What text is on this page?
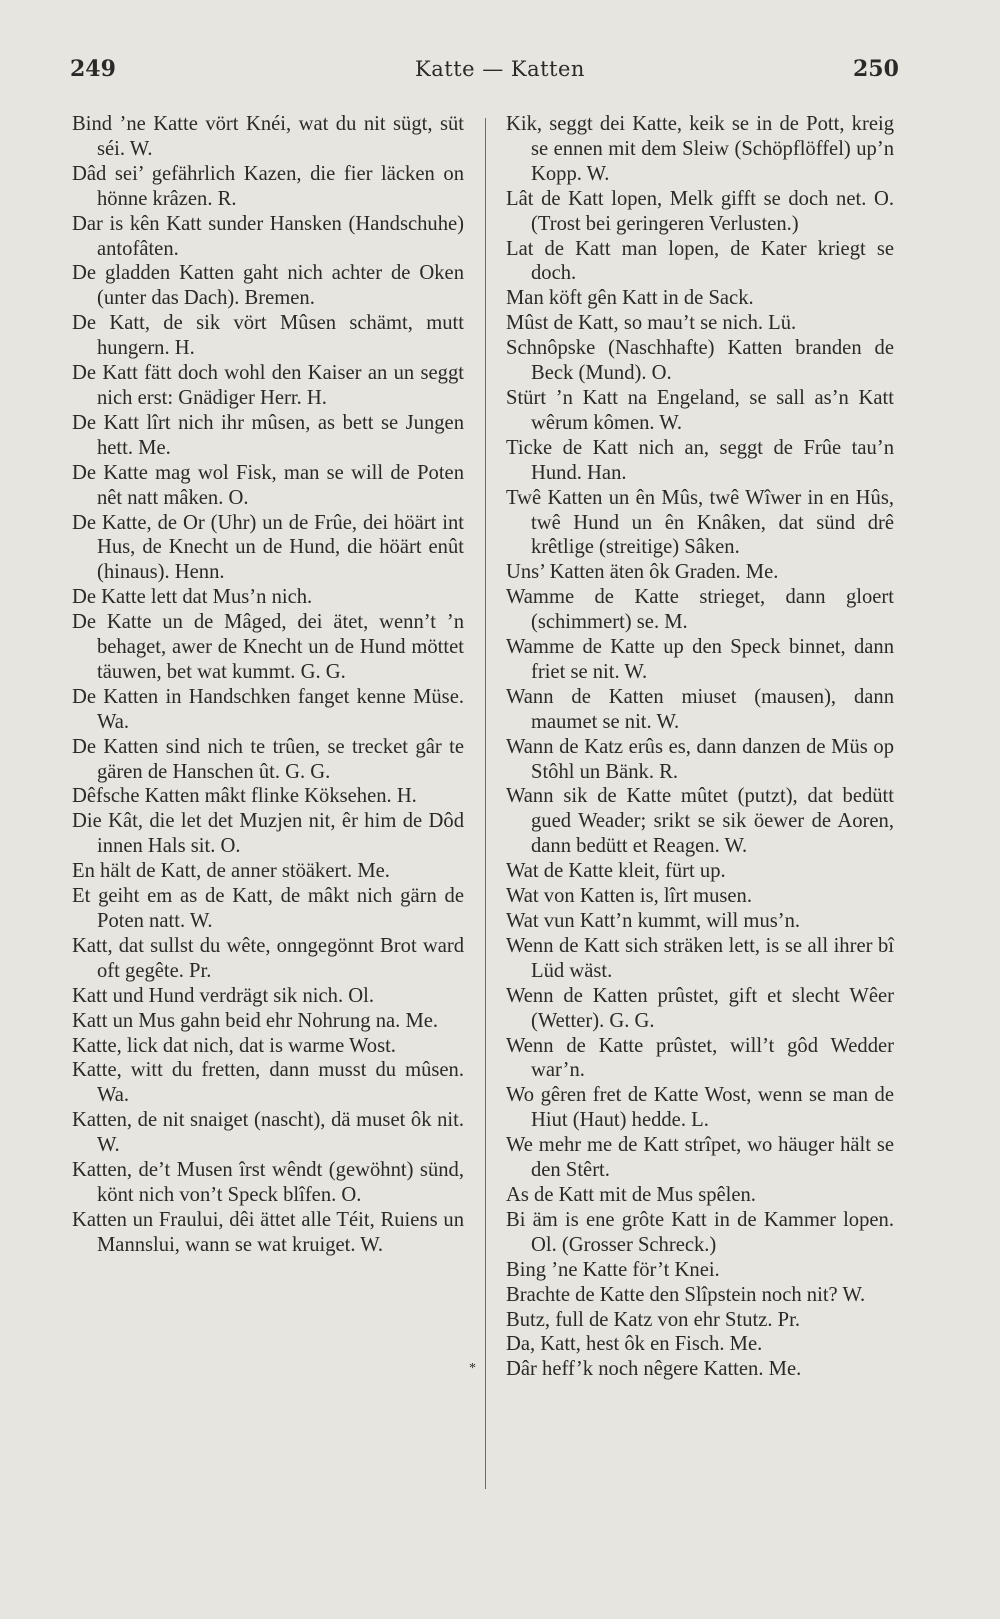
249	Katte — Katten	250

Bind ’ne Katte vört Knéi, wat du nit sügt, süt séi. W.

Dâd sei’ gefährlich Kazen, die fier läcken on hönne krâzen. R.

Dar is kên Katt sunder Hansken (Handschuhe) antofâten.

De gladden Katten gaht nich achter de Oken (unter das Dach). Bremen.

De Katt, de sik vört Mûsen schämt, mutt hungern. H.

De Katt fätt doch wohl den Kaiser an un seggt nich erst: Gnädiger Herr. H.

De Katt lîrt nich ihr mûsen, as bett se Jungen hett. Me.

De Katte mag wol Fisk, man se will de Poten nêt natt mâken. O.

De Katte, de Or (Uhr) un de Frûe, dei höärt int Hus, de Knecht un de Hund, die höärt enût (hinaus). Henn.

De Katte lett dat Mus’n nich.

De Katte un de Mâged, dei ätet, wenn’t ’n behaget, awer de Knecht un de Hund möttet täuwen, bet wat kummt. G. G.

De Katten in Handschken fanget kenne Müse. Wa.

De Katten sind nich te trûen, se trecket gâr te gären de Hanschen ût. G. G.

Dêfsche Katten mâkt flinke Köksehen. H.

Die Kât, die let det Muzjen nit, êr him de Dôd innen Hals sit. O.

En hält de Katt, de anner stöäkert. Me.

Et geiht em as de Katt, de mâkt nich gärn de Poten natt. W.

Katt, dat sullst du wête, onngegönnt Brot ward oft gegête. Pr.

Katt und Hund verdrägt sik nich. Ol.

Katt un Mus gahn beid ehr Nohrung na. Me.

Katte, lick dat nich, dat is warme Wost.

Katte, witt du fretten, dann musst du mûsen. Wa.

Katten, de nit snaiget (nascht), dä muset ôk nit. W.

Katten, de’t Musen îrst wêndt (gewöhnt) sünd, könt nich von’t Speck blîfen. O.

Katten un Fraului, dêi ättet alle Téit, Ruiens un Mannslui, wann se wat kruiget. W.

Kik, seggt dei Katte, keik se in de Pott, kreig se ennen mit dem Sleiw (Schöpflöffel) up’n Kopp. W.

Lât de Katt lopen, Melk gifft se doch net. O. (Trost bei geringeren Verlusten.)

Lat de Katt man lopen, de Kater kriegt se doch.

Man köft gên Katt in de Sack.

Mûst de Katt, so mau’t se nich. Lü.

Schnôpske (Naschhafte) Katten branden de Beck (Mund). O.

Stürt ’n Katt na Engeland, se sall as’n Katt wêrum kômen. W.

Ticke de Katt nich an, seggt de Frûe tau’n Hund. Han.

Twê Katten un ên Mûs, twê Wîwer in en Hûs, twê Hund un ên Knâken, dat sünd drê krêtlige (streitige) Sâken.

Uns’ Katten äten ôk Graden. Me.

Wamme de Katte strieget, dann gloert (schimmert) se. M.

Wamme de Katte up den Speck binnet, dann friet se nit. W.

Wann de Katten miuset (mausen), dann maumet se nit. W.

Wann de Katz erûs es, dann danzen de Müs op Stôhl un Bänk. R.

Wann sik de Katte mûtet (putzt), dat bedütt gued Weader; srikt se sik öewer de Aoren, dann bedütt et Reagen. W.

Wat de Katte kleit, fürt up.

Wat von Katten is, lîrt musen.

Wat vun Katt’n kummt, will mus’n.

Wenn de Katt sich sträken lett, is se all ihrer bî Lüd wäst.

Wenn de Katten prûstet, gift et slecht Wêer (Wetter). G. G.

Wenn de Katte prûstet, will’t gôd Wedder war’n.

Wo gêren fret de Katte Wost, wenn se man de Hiut (Haut) hedde. L.

We mehr me de Katt strîpet, wo häuger hält se den Stêrt.

As de Katt mit de Mus spêlen.

Bi äm is ene grôte Katt in de Kammer lopen. Ol. (Grosser Schreck.)

Bing ’ne Katte för’t Knei.

Brachte de Katte den Slîpstein noch nit? W.

Butz, full de Katz von ehr Stutz. Pr.

Da, Katt, hest ôk en Fisch. Me.

* Dâr heff’k noch nêgere Katten. Me.
